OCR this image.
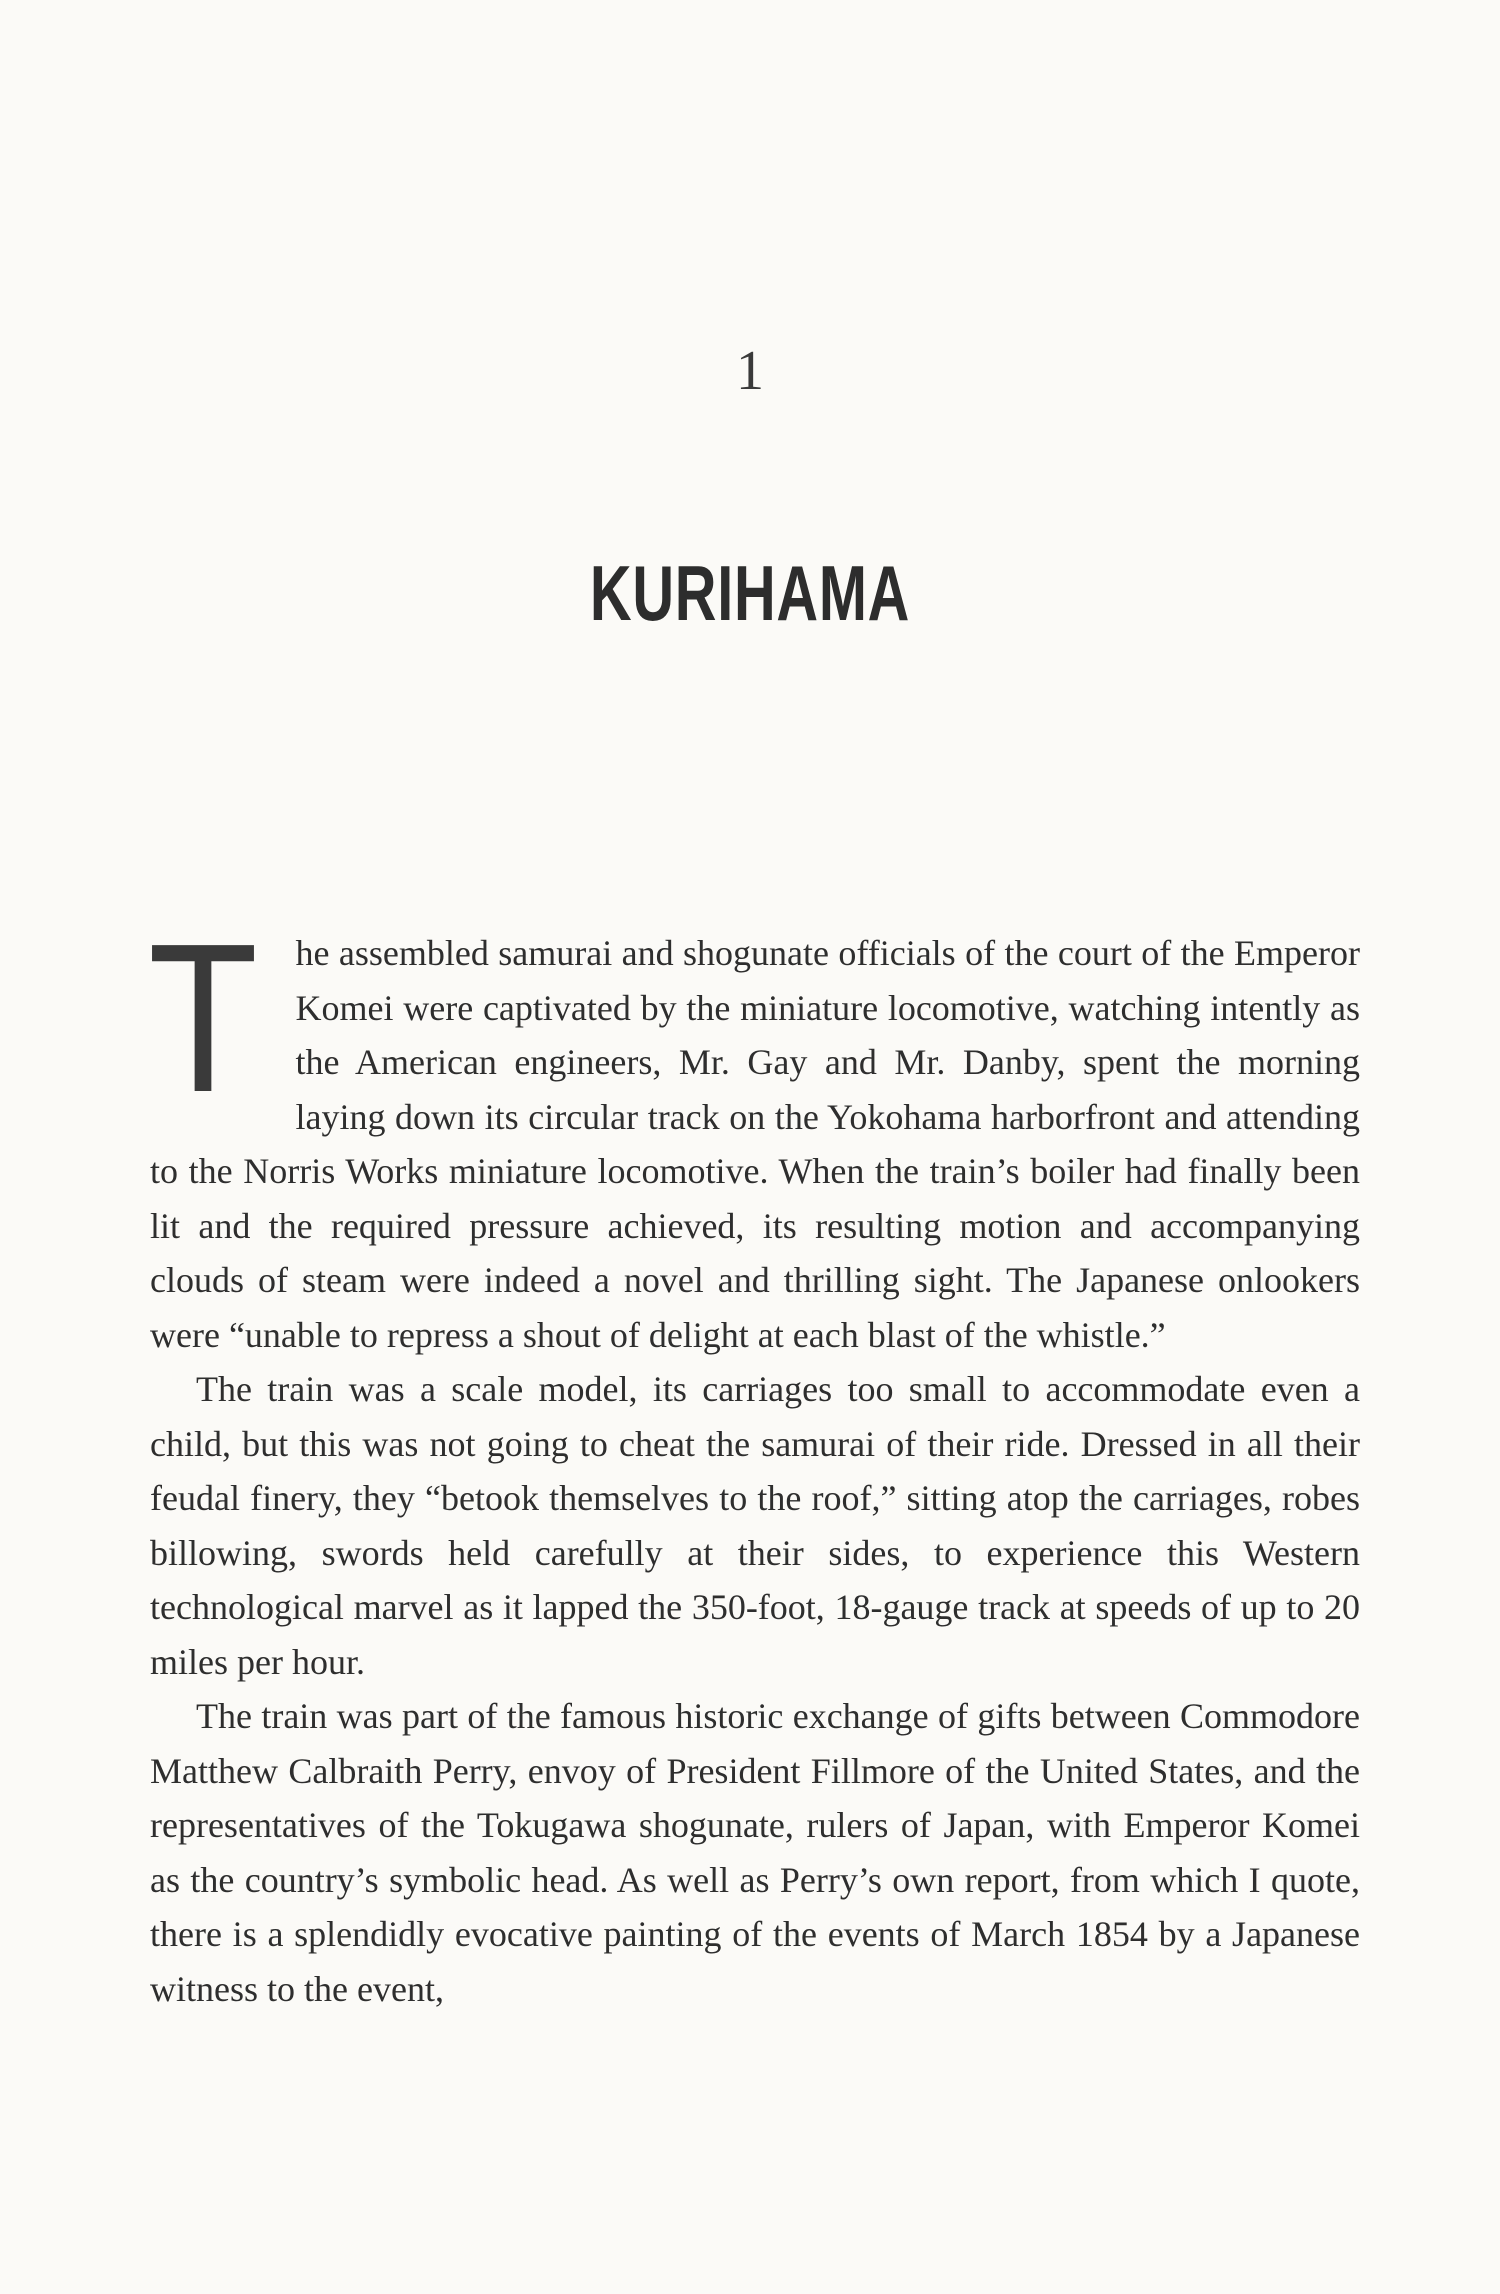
1
KURIHAMA

T he assembled samurai and shogunate officials of the court of the Emperor Komei were captivated by the miniature locomotive, watching intently as the American engineers, Mr. Gay and Mr. Danby, spent the morning laying down its circular track on the Yokohama harborfront and attending to the Norris Works miniature locomotive. When the train’s boiler had finally been lit and the required pressure achieved, its resulting motion and accompanying clouds of steam were indeed a novel and thrilling sight. The Japanese onlookers were “unable to repress a shout of delight at each blast of the whistle.”

The train was a scale model, its carriages too small to accommodate even a child, but this was not going to cheat the samurai of their ride. Dressed in all their feudal finery, they “betook themselves to the roof,” sitting atop the carriages, robes billowing, swords held carefully at their sides, to experience this Western technological marvel as it lapped the 350-foot, 18-gauge track at speeds of up to 20 miles per hour.

The train was part of the famous historic exchange of gifts between Commodore Matthew Calbraith Perry, envoy of President Fillmore of the United States, and the representatives of the Tokugawa shogunate, rulers of Japan, with Emperor Komei as the country’s symbolic head. As well as Perry’s own report, from which I quote, there is a splendidly evocative painting of the events of March 1854 by a Japanese witness to the event,
